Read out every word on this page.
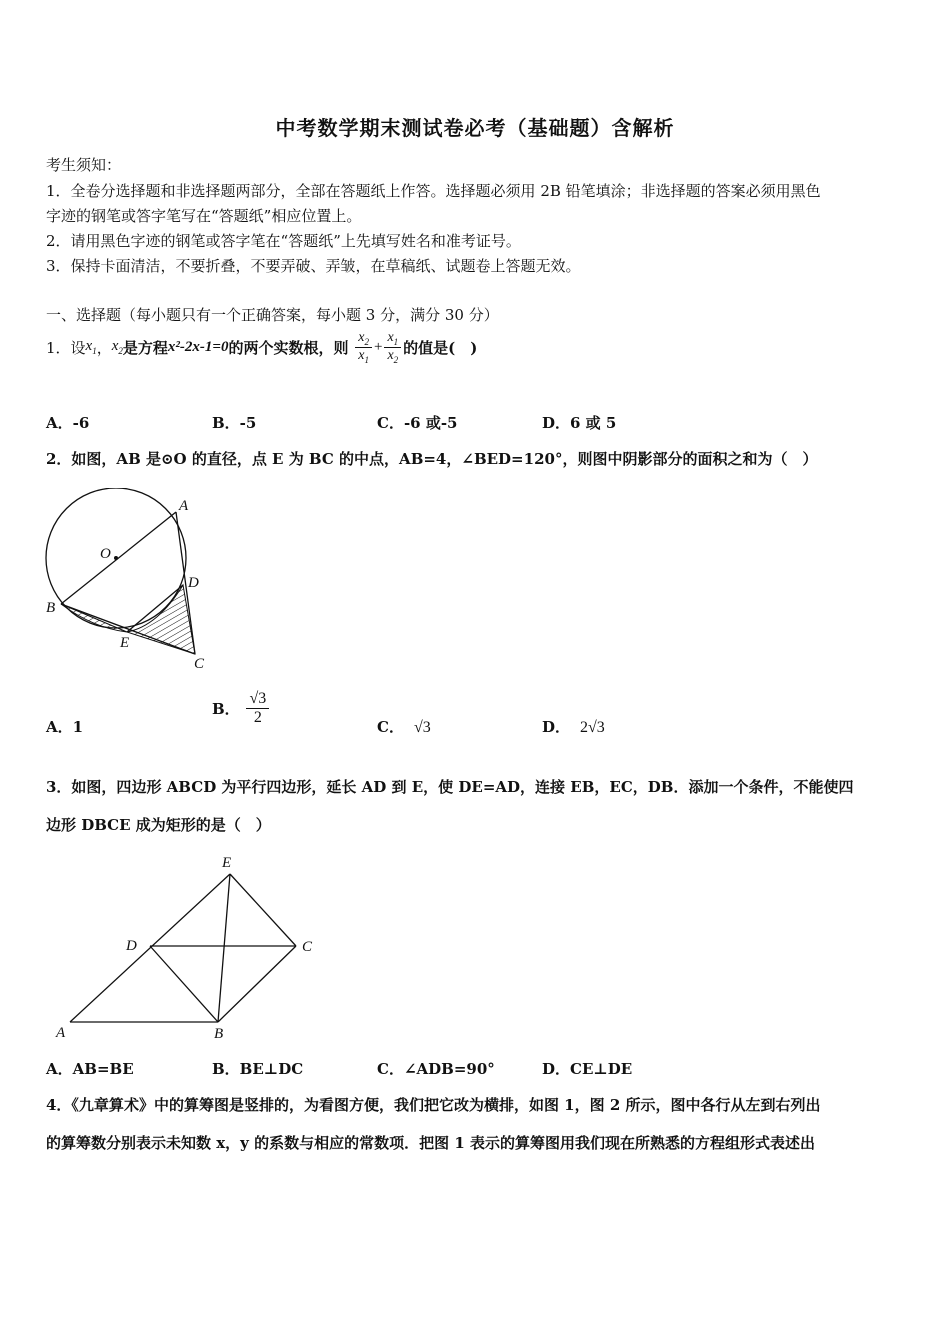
中考数学期末测试卷必考（基础题）含解析
考生须知：
1．全卷分选择题和非选择题两部分，全部在答题纸上作答。选择题必须用 2B 铅笔填涂；非选择题的答案必须用黑色
字迹的钢笔或答字笔写在“答题纸”相应位置上。
2．请用黑色字迹的钢笔或答字笔在“答题纸”上先填写姓名和准考证号。
3．保持卡面清洁，不要折叠，不要弄破、弄皱，在草稿纸、试题卷上答题无效。
一、选择题（每小题只有一个正确答案，每小题 3 分，满分 30 分）
1．设$x_1$，$x_2$是方程x²-2x-1=0的两个实数根，则 $\frac{x_2}{x_1} + \frac{x_1}{x_2}$ 的值是(　)
A．-6	B．-5	C．-6 或-5	D．6 或 5
2．如图，AB 是⊙O 的直径，点 E 为 BC 的中点，AB=4，∠BED=120°，则图中阴影部分的面积之和为（　）
A
O
D
B
E
C
A．1
B． $\frac{√3}{2}$	C． √3	D． 2√3
3．如图，四边形 ABCD 为平行四边形，延长 AD 到 E，使 DE=AD，连接 EB，EC，DB．添加一个条件，不能使四
边形 DBCE 成为矩形的是（　）
E
D	C
A	B
A．AB=BE	B．BE⊥DC	C．∠ADB=90°	D．CE⊥DE
4．《九章算术》中的算筹图是竖排的，为看图方便，我们把它改为横排，如图 1，图 2 所示，图中各行从左到右列出
的算筹数分别表示未知数 x，y 的系数与相应的常数项．把图 1 表示的算筹图用我们现在所熟悉的方程组形式表述出
